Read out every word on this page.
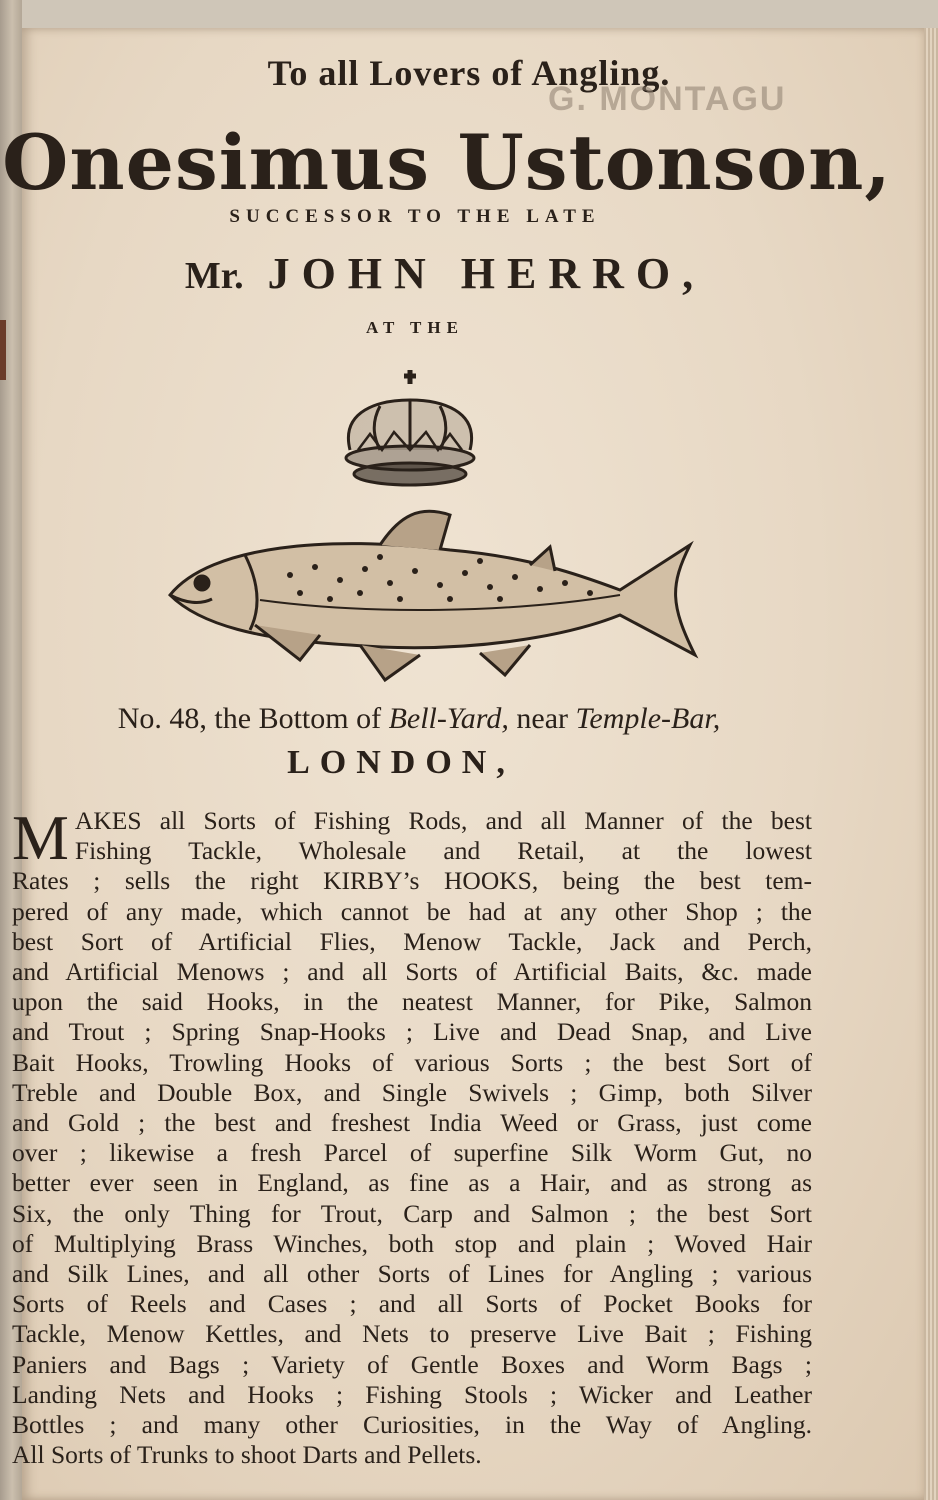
To all Lovers of Angling.
G. MONTAGU
Onesimus Ustonson,
SUCCESSOR TO THE LATE
Mr. JOHN HERRO,
AT THE
No. 48, the Bottom of Bell-Yard, near Temple-Bar,
LONDON,
M AKES all Sorts of Fishing Rods, and all Manner of the best
Fishing Tackle, Wholesale and Retail, at the lowest
Rates ; sells the right KIRBY’s HOOKS, being the best tem-
pered of any made, which cannot be had at any other Shop ; the
best Sort of Artificial Flies, Menow Tackle, Jack and Perch,
and Artificial Menows ; and all Sorts of Artificial Baits, &c. made
upon the said Hooks, in the neatest Manner, for Pike, Salmon
and Trout ; Spring Snap-Hooks ; Live and Dead Snap, and Live
Bait Hooks, Trowling Hooks of various Sorts ; the best Sort of
Treble and Double Box, and Single Swivels ; Gimp, both Silver
and Gold ; the best and freshest India Weed or Grass, just come
over ; likewise a fresh Parcel of superfine Silk Worm Gut, no
better ever seen in England, as fine as a Hair, and as strong as
Six, the only Thing for Trout, Carp and Salmon ; the best Sort
of Multiplying Brass Winches, both stop and plain ; Woved Hair
and Silk Lines, and all other Sorts of Lines for Angling ; various
Sorts of Reels and Cases ; and all Sorts of Pocket Books for
Tackle, Menow Kettles, and Nets to preserve Live Bait ; Fishing
Paniers and Bags ; Variety of Gentle Boxes and Worm Bags ;
Landing Nets and Hooks ; Fishing Stools ; Wicker and Leather
Bottles ; and many other Curiosities, in the Way of Angling.
All Sorts of Trunks to shoot Darts and Pellets.
